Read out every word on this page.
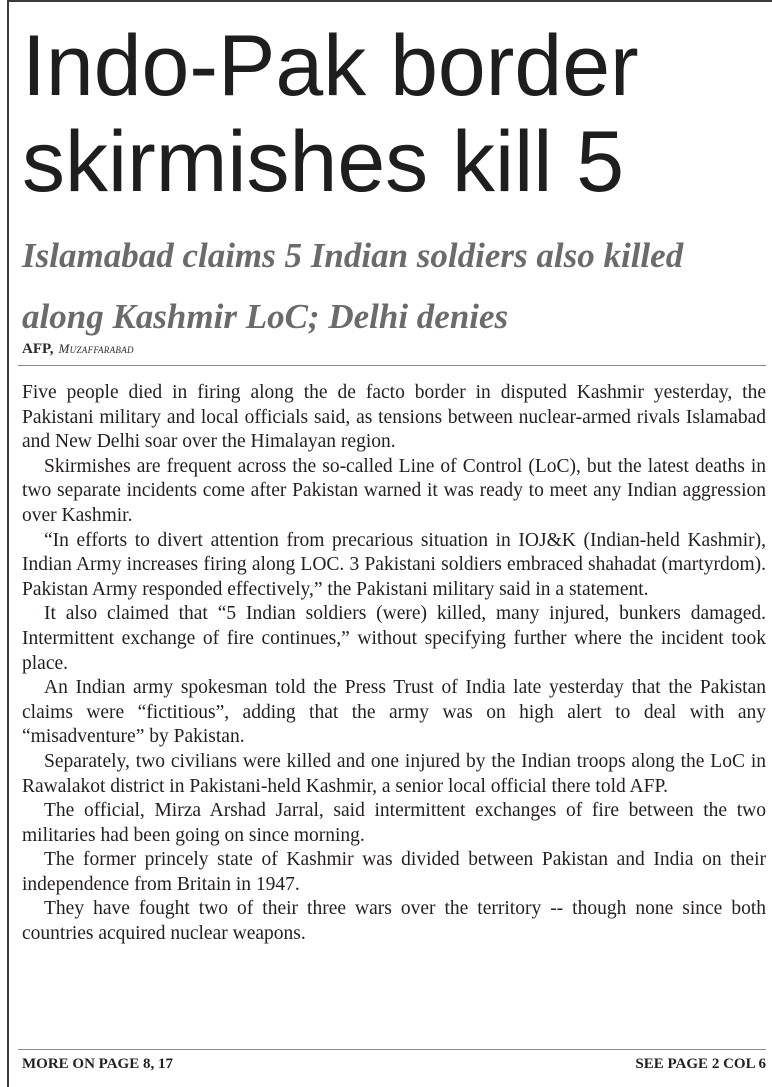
Indo-Pak border skirmishes kill 5
Islamabad claims 5 Indian soldiers also killed along Kashmir LoC; Delhi denies
AFP, Muzaffarabad

Five people died in firing along the de facto border in disputed Kashmir yesterday, the Pakistani military and local officials said, as tensions between nuclear-armed rivals Islamabad and New Delhi soar over the Himalayan region.

Skirmishes are frequent across the so-called Line of Control (LoC), but the latest deaths in two separate incidents come after Pakistan warned it was ready to meet any Indian aggression over Kashmir.

“In efforts to divert attention from precarious situation in IOJ&K (Indian-held Kashmir), Indian Army increases firing along LOC. 3 Pakistani soldiers embraced shahadat (martyrdom). Pakistan Army responded effectively,” the Pakistani military said in a statement.

It also claimed that “5 Indian soldiers (were) killed, many injured, bunkers damaged. Intermittent exchange of fire continues,” without specifying further where the incident took place.

An Indian army spokesman told the Press Trust of India late yesterday that the Pakistan claims were “fictitious”, adding that the army was on high alert to deal with any “misadventure” by Pakistan.

Separately, two civilians were killed and one injured by the Indian troops along the LoC in Rawalakot district in Pakistani-held Kashmir, a senior local official there told AFP.

The official, Mirza Arshad Jarral, said intermittent exchanges of fire between the two militaries had been going on since morning.

The former princely state of Kashmir was divided between Pakistan and India on their independence from Britain in 1947.

They have fought two of their three wars over the territory -- though none since both countries acquired nuclear weapons.

MORE ON PAGE 8, 17	SEE PAGE 2 COL 6
